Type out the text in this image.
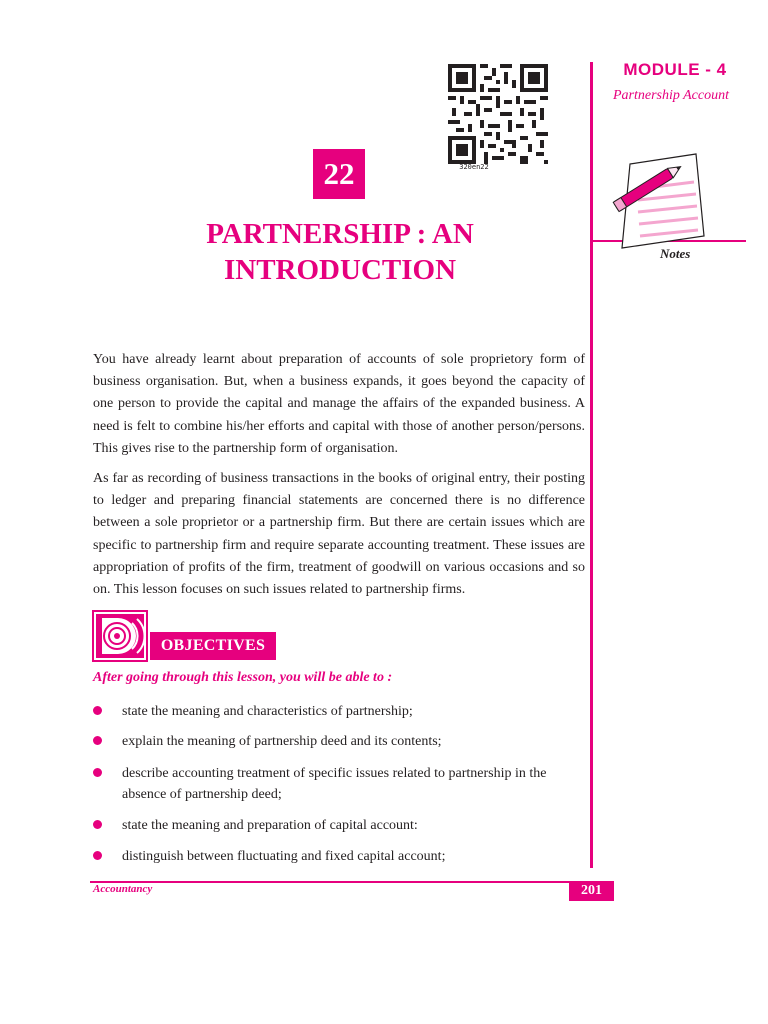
MODULE - 4
Partnership Account
Notes
320en22
22
PARTNERSHIP : AN
INTRODUCTION

You have already learnt about preparation of accounts of sole proprietory form of business organisation. But, when a business expands, it goes beyond the capacity of one person to provide the capital and manage the affairs of the expanded business. A need is felt to combine his/her efforts and capital with those of another person/persons. This gives rise to the partnership form of organisation.

As far as recording of business transactions in the books of original entry, their posting to ledger and preparing financial statements are concerned there is no difference between a sole proprietor or a partnership firm. But there are certain issues which are specific to partnership firm and require separate accounting treatment. These issues are appropriation of profits of the firm, treatment of goodwill on various occasions and so on. This lesson focuses on such issues related to partnership firms.

OBJECTIVES
After going through this lesson, you will be able to :
state the meaning and characteristics of partnership;
explain the meaning of partnership deed and its contents;
describe accounting treatment of specific issues related to partnership in the absence of partnership deed;
state the meaning and preparation of capital account:
distinguish between fluctuating and fixed capital account;
Accountancy	201
